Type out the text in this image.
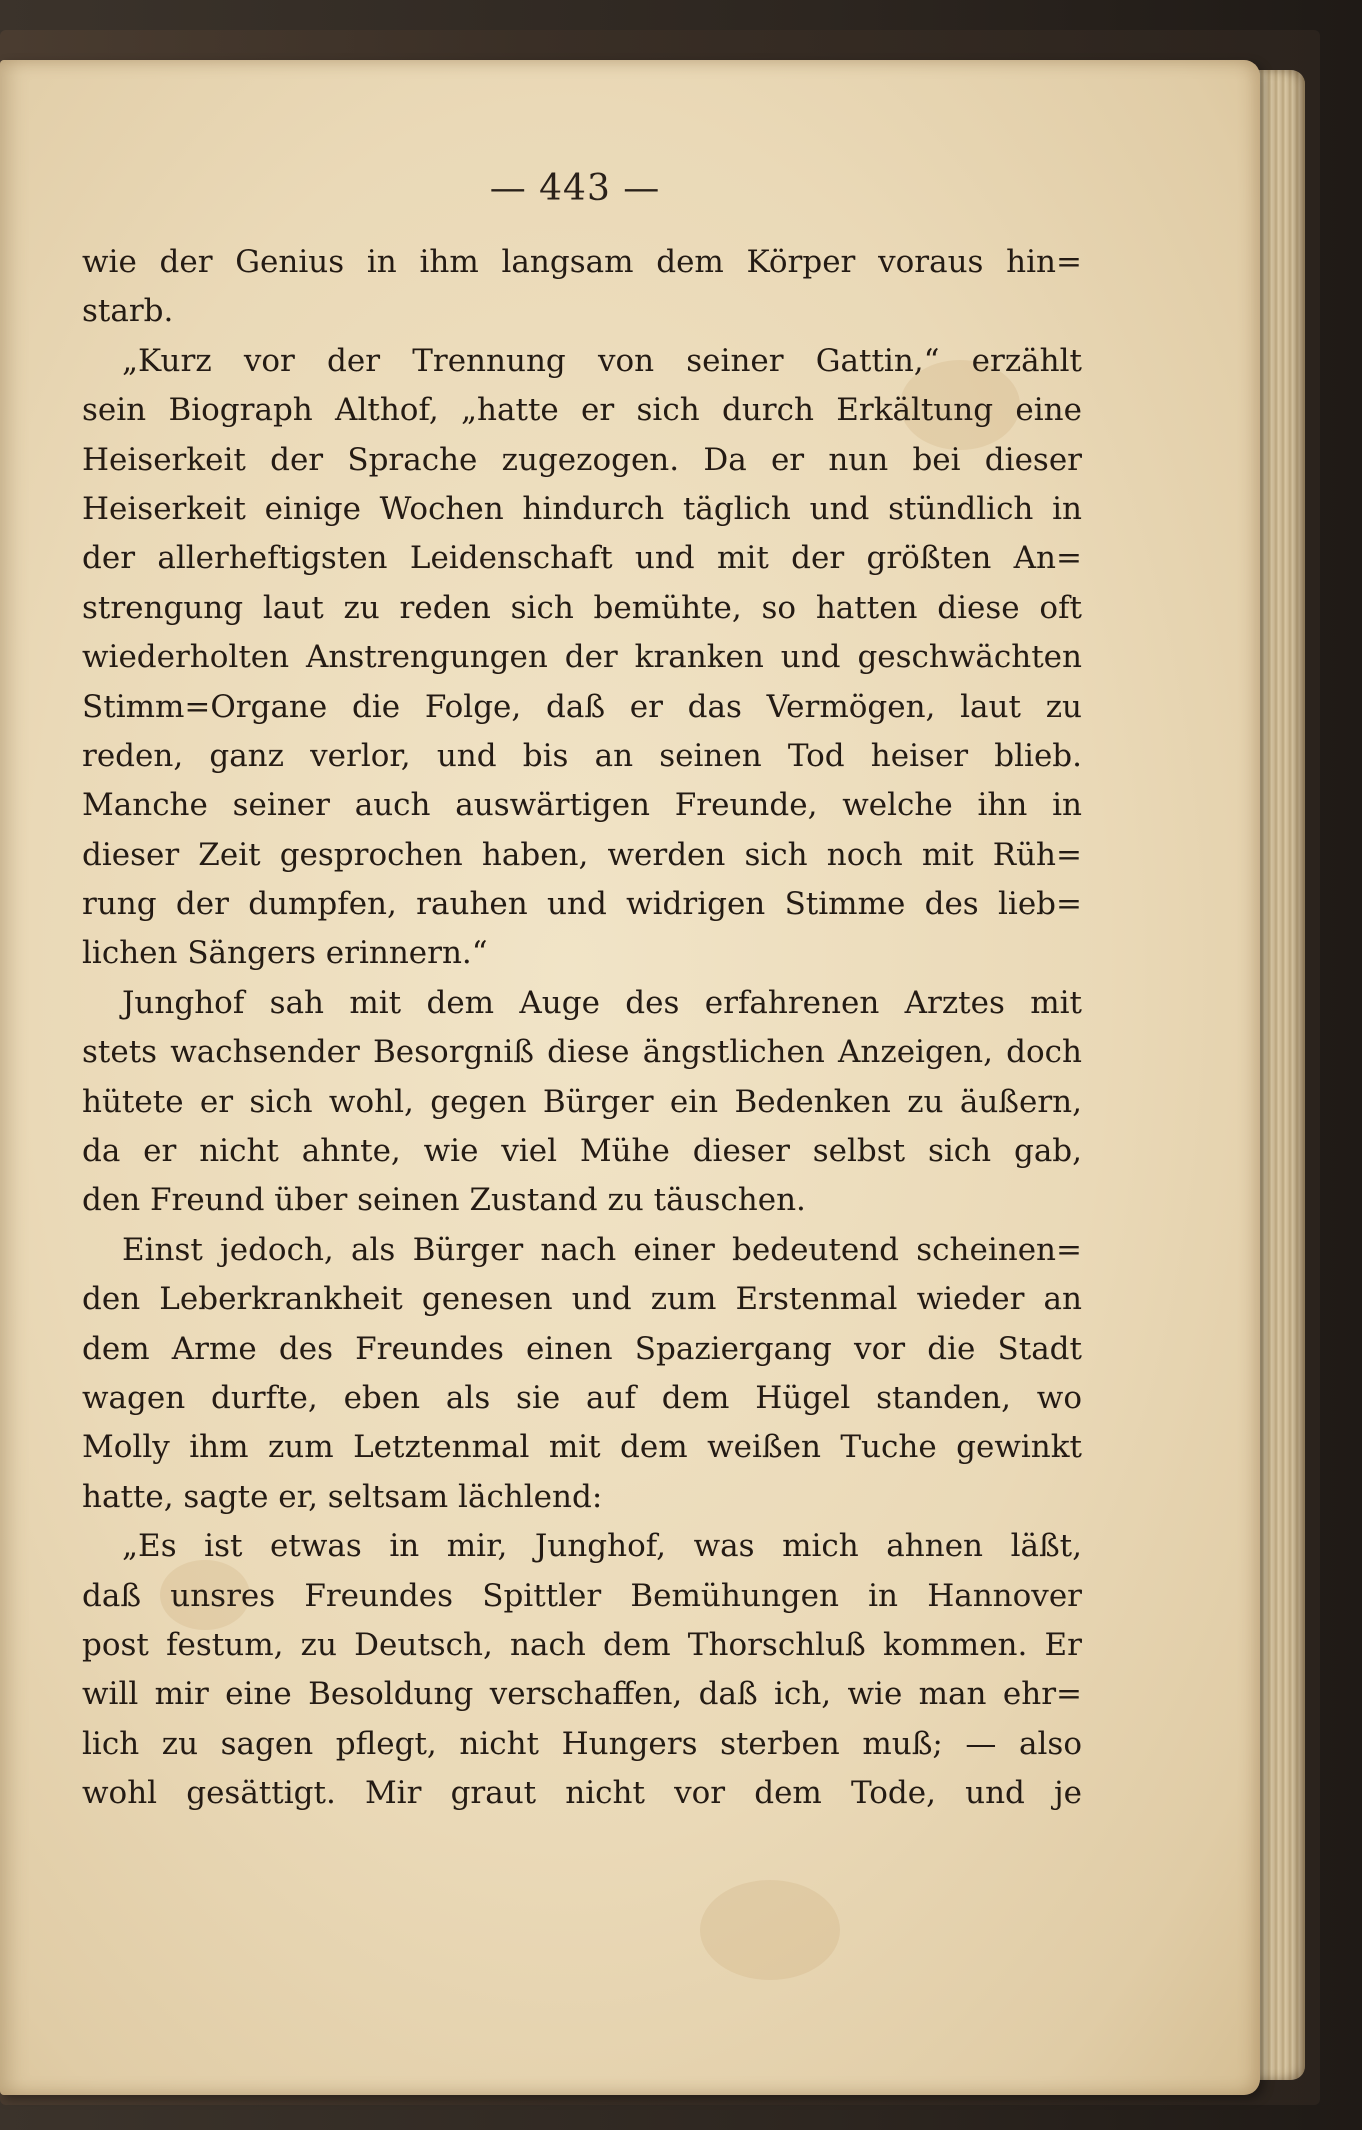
— 443 —
wie der Genius in ihm langsam dem Körper voraus hin=
starb.
„Kurz vor der Trennung von seiner Gattin,“ erzählt
sein Biograph Althof, „hatte er sich durch Erkältung eine
Heiserkeit der Sprache zugezogen. Da er nun bei dieser
Heiserkeit einige Wochen hindurch täglich und stündlich in
der allerheftigsten Leidenschaft und mit der größten An=
strengung laut zu reden sich bemühte, so hatten diese oft
wiederholten Anstrengungen der kranken und geschwächten
Stimm=Organe die Folge, daß er das Vermögen, laut zu
reden, ganz verlor, und bis an seinen Tod heiser blieb.
Manche seiner auch auswärtigen Freunde, welche ihn in
dieser Zeit gesprochen haben, werden sich noch mit Rüh=
rung der dumpfen, rauhen und widrigen Stimme des lieb=
lichen Sängers erinnern.“
Junghof sah mit dem Auge des erfahrenen Arztes mit
stets wachsender Besorgniß diese ängstlichen Anzeigen, doch
hütete er sich wohl, gegen Bürger ein Bedenken zu äußern,
da er nicht ahnte, wie viel Mühe dieser selbst sich gab,
den Freund über seinen Zustand zu täuschen.
Einst jedoch, als Bürger nach einer bedeutend scheinen=
den Leberkrankheit genesen und zum Erstenmal wieder an
dem Arme des Freundes einen Spaziergang vor die Stadt
wagen durfte, eben als sie auf dem Hügel standen, wo
Molly ihm zum Letztenmal mit dem weißen Tuche gewinkt
hatte, sagte er, seltsam lächlend:
„Es ist etwas in mir, Junghof, was mich ahnen läßt,
daß unsres Freundes Spittler Bemühungen in Hannover
post festum, zu Deutsch, nach dem Thorschluß kommen. Er
will mir eine Besoldung verschaffen, daß ich, wie man ehr=
lich zu sagen pflegt, nicht Hungers sterben muß; — also
wohl gesättigt. Mir graut nicht vor dem Tode, und je
